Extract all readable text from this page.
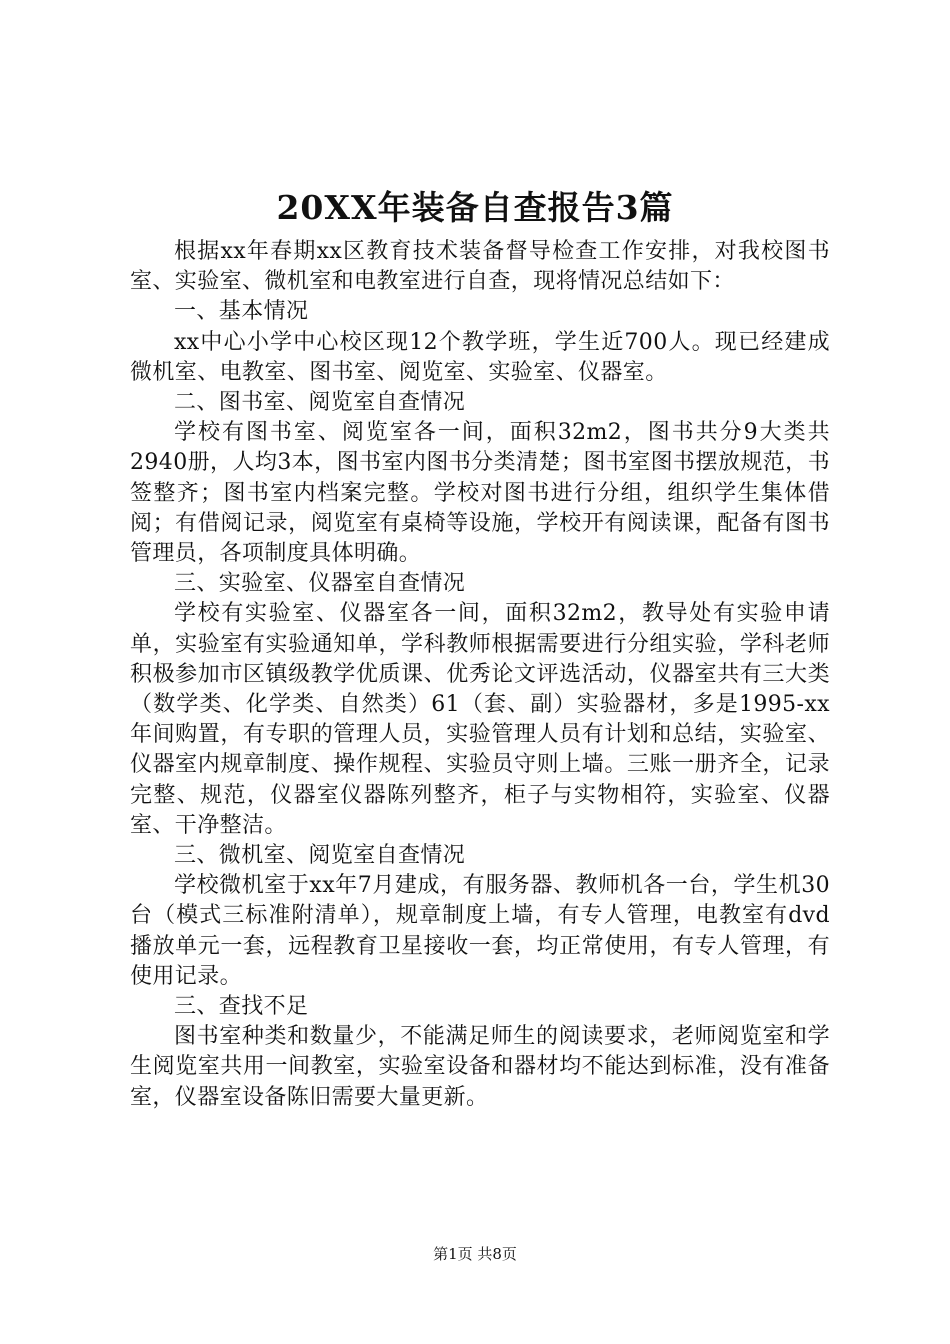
20XX年装备自查报告3篇

根据xx年春期xx区教育技术装备督导检查工作安排，对我校图书室、实验室、微机室和电教室进行自查，现将情况总结如下：

一、基本情况

xx中心小学中心校区现12个教学班，学生近700人。现已经建成微机室、电教室、图书室、阅览室、实验室、仪器室。

二、图书室、阅览室自查情况

学校有图书室、阅览室各一间，面积32m2，图书共分9大类共2940册，人均3本，图书室内图书分类清楚；图书室图书摆放规范，书签整齐；图书室内档案完整。学校对图书进行分组，组织学生集体借阅；有借阅记录，阅览室有桌椅等设施，学校开有阅读课，配备有图书管理员，各项制度具体明确。

三、实验室、仪器室自查情况

学校有实验室、仪器室各一间，面积32m2，教导处有实验申请单，实验室有实验通知单，学科教师根据需要进行分组实验，学科老师积极参加市区镇级教学优质课、优秀论文评选活动，仪器室共有三大类（数学类、化学类、自然类）61（套、副）实验器材，多是1995-xx年间购置，有专职的管理人员，实验管理人员有计划和总结，实验室、仪器室内规章制度、操作规程、实验员守则上墙。三账一册齐全，记录完整、规范，仪器室仪器陈列整齐，柜子与实物相符，实验室、仪器室、干净整洁。

三、微机室、阅览室自查情况

学校微机室于xx年7月建成，有服务器、教师机各一台，学生机30台（模式三标准附清单），规章制度上墙，有专人管理，电教室有dvd播放单元一套，远程教育卫星接收一套，均正常使用，有专人管理，有使用记录。

三、查找不足

图书室种类和数量少，不能满足师生的阅读要求，老师阅览室和学生阅览室共用一间教室，实验室设备和器材均不能达到标准，没有准备室，仪器室设备陈旧需要大量更新。

第1页 共8页
